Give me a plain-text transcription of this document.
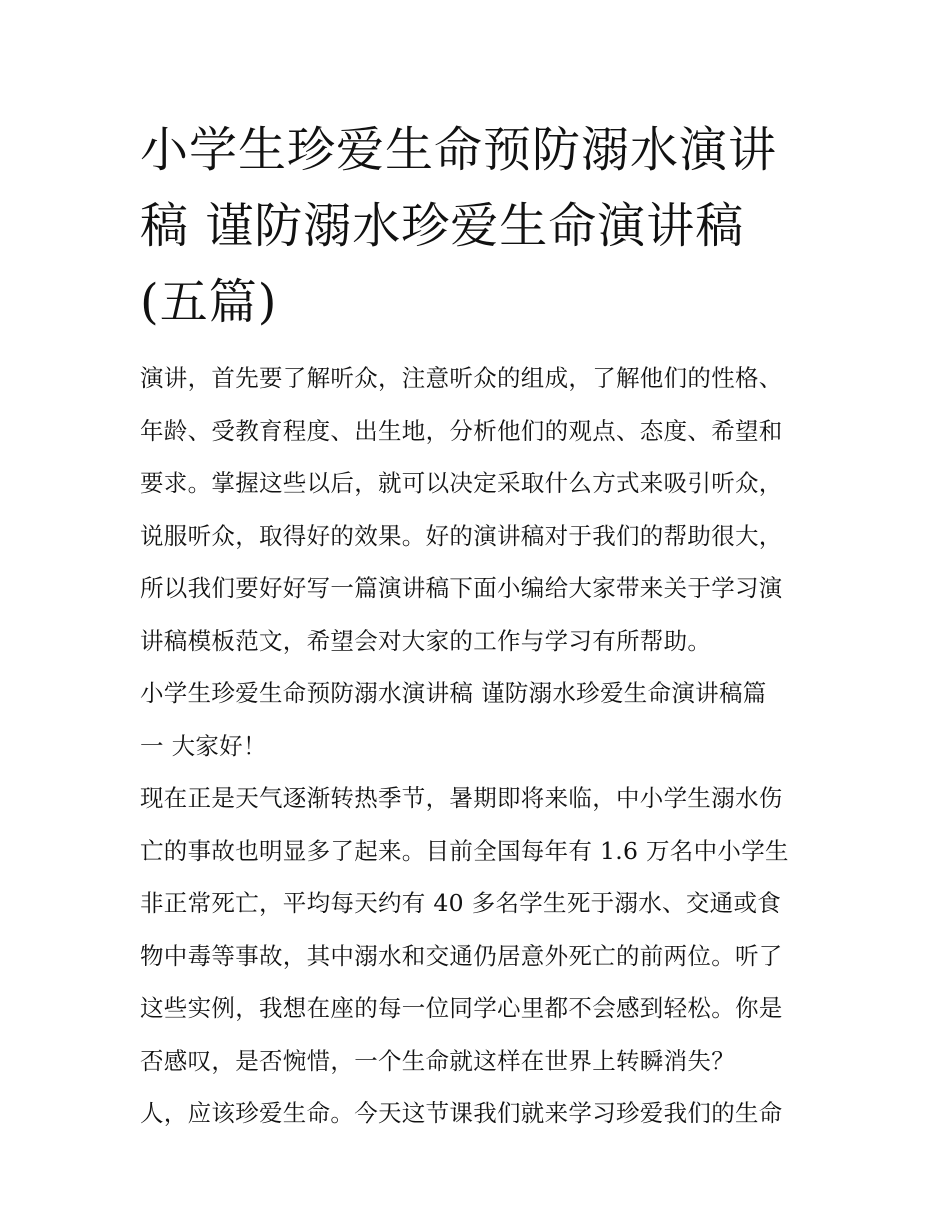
小学生珍爱生命预防溺水演讲
稿 谨防溺水珍爱生命演讲稿
(五篇)
演讲，首先要了解听众，注意听众的组成，了解他们的性格、
年龄、受教育程度、出生地，分析他们的观点、态度、希望和
要求。掌握这些以后，就可以决定采取什么方式来吸引听众，
说服听众，取得好的效果。好的演讲稿对于我们的帮助很大，
所以我们要好好写一篇演讲稿下面小编给大家带来关于学习演
讲稿模板范文，希望会对大家的工作与学习有所帮助。
小学生珍爱生命预防溺水演讲稿 谨防溺水珍爱生命演讲稿篇
一 大家好！
现在正是天气逐渐转热季节，暑期即将来临，中小学生溺水伤
亡的事故也明显多了起来。目前全国每年有 1.6 万名中小学生
非正常死亡，平均每天约有 40 多名学生死于溺水、交通或食
物中毒等事故，其中溺水和交通仍居意外死亡的前两位。听了
这些实例，我想在座的每一位同学心里都不会感到轻松。你是
否感叹，是否惋惜，一个生命就这样在世界上转瞬消失？
人，应该珍爱生命。今天这节课我们就来学习珍爱我们的生命
